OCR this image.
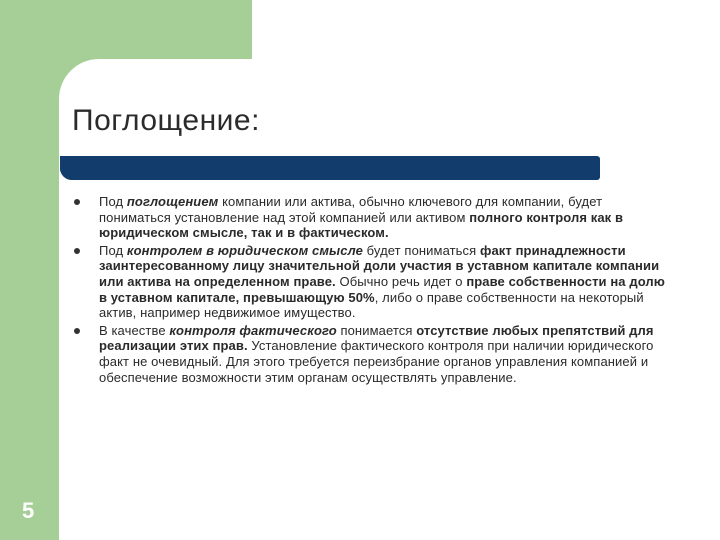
Поглощение:
Под поглощением компании или актива, обычно ключевого для компании, будет пониматься установление над этой компанией или активом полного контроля как в юридическом смысле, так и в фактическом.
Под контролем в юридическом смысле будет пониматься факт принадлежности заинтересованному лицу значительной доли участия в уставном капитале компании или актива на определенном праве. Обычно речь идет о праве собственности на долю в уставном капитале, превышающую 50%, либо о праве собственности на некоторый актив, например недвижимое имущество.
В качестве контроля фактического понимается отсутствие любых препятствий для реализации этих прав. Установление фактического контроля при наличии юридического факт не очевидный. Для этого требуется переизбрание органов управления компанией и обеспечение возможности этим органам осуществлять управление.
5
